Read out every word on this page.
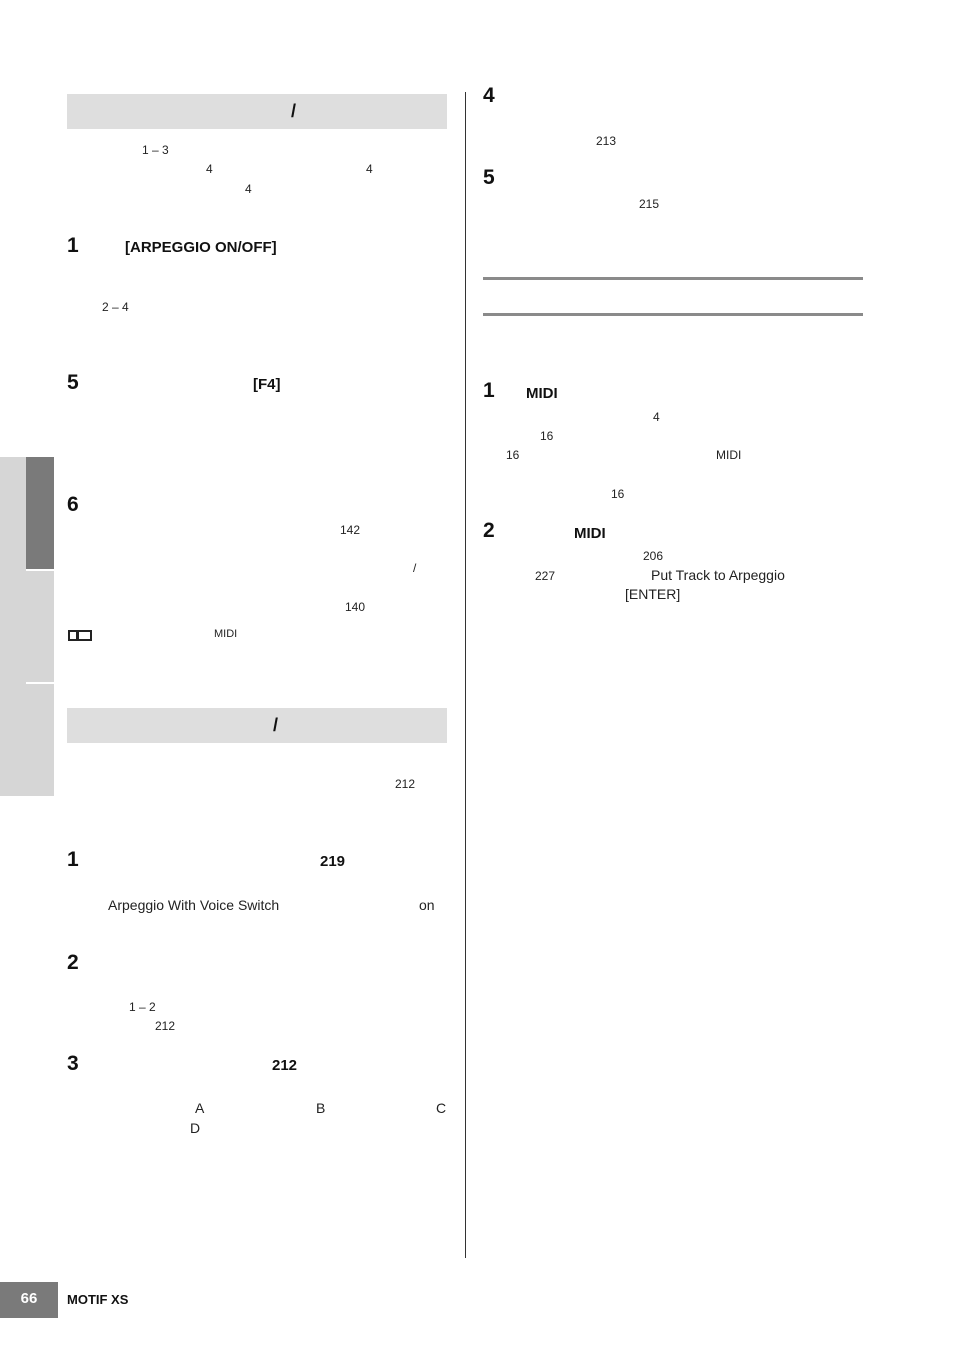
/
1 – 3
4	4
4
1	[ARPEGGIO ON/OFF]
2 – 4
5	[F4]
6
142
/
140
MIDI
/
212
1	219
Arpeggio With Voice Switch	on
2
1 – 2
212
3	212
A	B	C
D
4
213
5
215
1 MIDI
4
16
16	MIDI
16
2	MIDI
206
227	Put Track to Arpeggio
[ENTER]
66	MOTIF XS
